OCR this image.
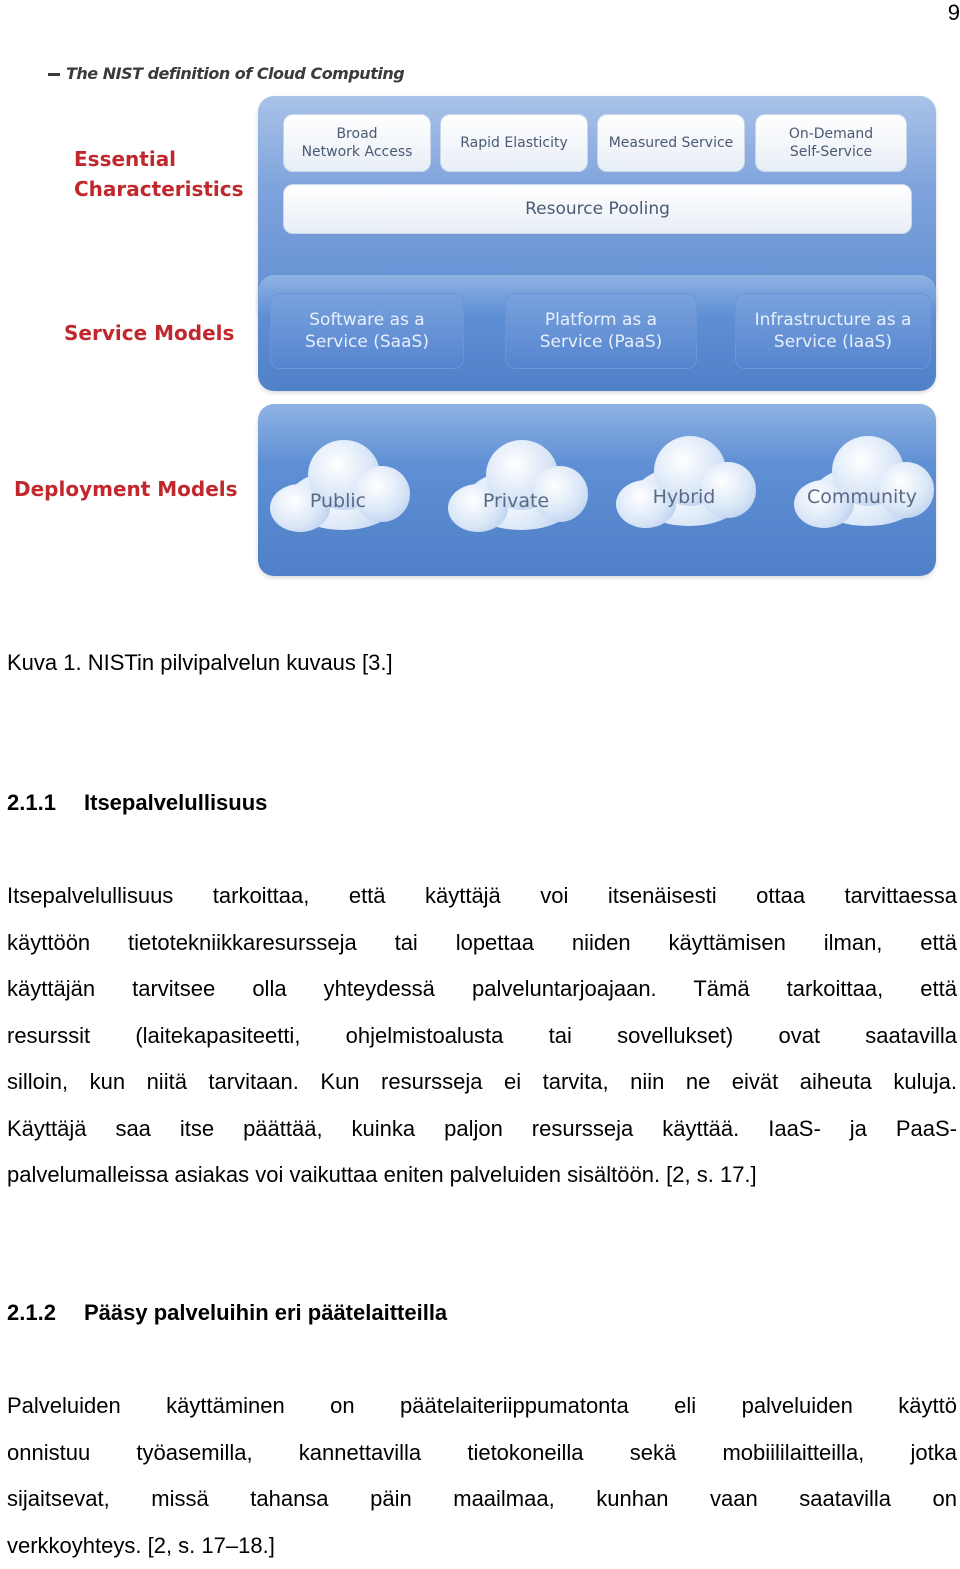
9
The NIST definition of Cloud Computing
Essential
Characteristics
Service Models
Deployment Models
Broad
Network Access
Rapid Elasticity	Measured Service
On-Demand
Self-Service
Resource Pooling
Software as a
Service (SaaS)
Platform as a
Service (PaaS)
Infrastructure as a
Service (IaaS)
Public	Private	Hybrid	Community
Kuva 1. NISTin pilvipalvelun kuvaus [3.]
2.1.1 Itsepalvelullisuus
Itsepalvelullisuus tarkoittaa, että käyttäjä voi itsenäisesti ottaa tarvittaessa
käyttöön tietotekniikkaresursseja tai lopettaa niiden käyttämisen ilman, että
käyttäjän tarvitsee olla yhteydessä palveluntarjoajaan. Tämä tarkoittaa, että
resurssit (laitekapasiteetti, ohjelmistoalusta tai sovellukset) ovat saatavilla
silloin, kun niitä tarvitaan. Kun resursseja ei tarvita, niin ne eivät aiheuta kuluja.
Käyttäjä saa itse päättää, kuinka paljon resursseja käyttää. IaaS- ja PaaS-
palvelumalleissa asiakas voi vaikuttaa eniten palveluiden sisältöön. [2, s. 17.]
2.1.2 Pääsy palveluihin eri päätelaitteilla
Palveluiden käyttäminen on päätelaiteriippumatonta eli palveluiden käyttö
onnistuu työasemilla, kannettavilla tietokoneilla sekä mobiililaitteilla, jotka
sijaitsevat, missä tahansa päin maailmaa, kunhan vaan saatavilla on
verkkoyhteys. [2, s. 17–18.]
